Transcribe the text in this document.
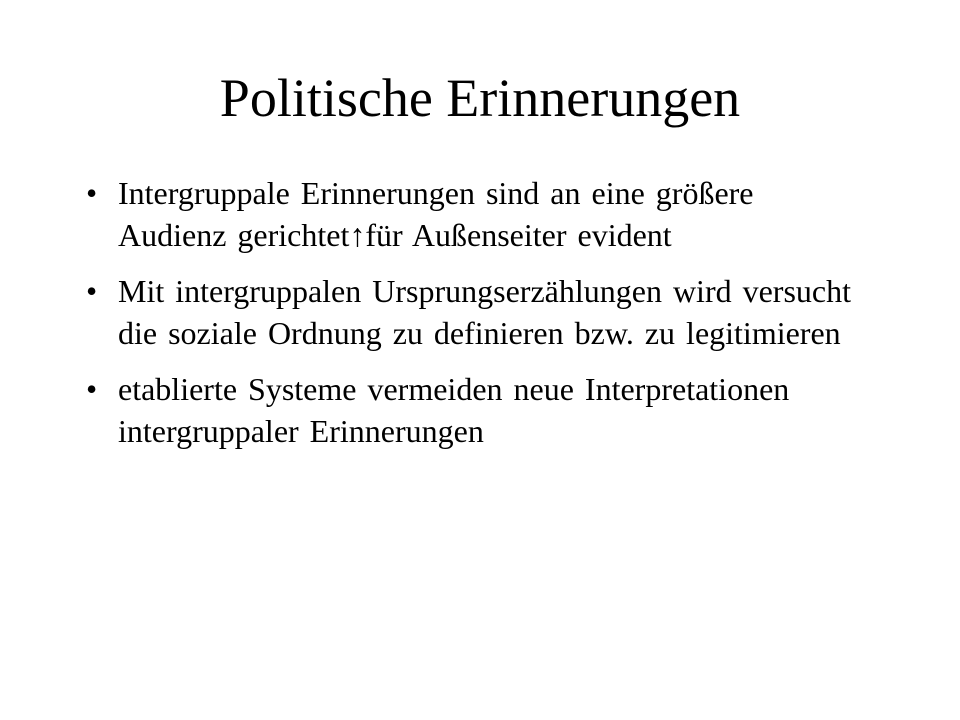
Politische Erinnerungen
• Intergruppale Erinnerungen sind an eine größere Audienz gerichtet↑für Außenseiter evident
• Mit intergruppalen Ursprungserzählungen wird versucht die soziale Ordnung zu definieren bzw. zu legitimieren
• etablierte Systeme vermeiden neue Interpretationen intergruppaler Erinnerungen
